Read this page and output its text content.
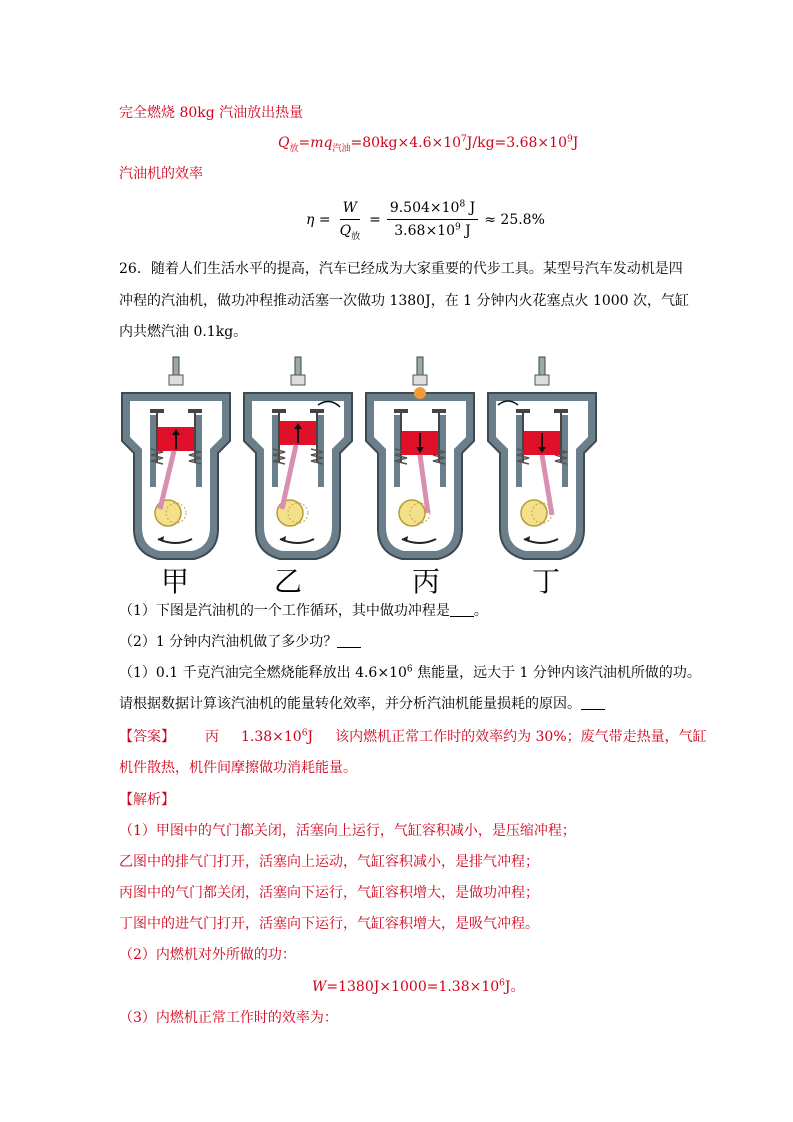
完全燃烧 80kg 汽油放出热量
$Q_放=mq_{汽油}=80kg\times 4.6\times 10^7J/kg=3.68\times 10^9J$
汽油机的效率
$\eta = \frac{W}{Q_放} = \frac{9.504\times 10^8 J}{3.68\times 10^9 J} \approx 25.8\%$
26．随着人们生活水平的提高，汽车已经成为大家重要的代步工具。某型号汽车发动机是四
冲程的汽油机，做功冲程推动活塞一次做功 1380J，在 1 分钟内火花塞点火 1000 次，气缸
内共燃汽油 0.1kg。
甲	乙	丙	丁
（1）下图是汽油机的一个工作循环，其中做功冲程是 。
（2）1 分钟内汽油机做了多少功？
（1）0.1 千克汽油完全燃烧能释放出 $4.6\times 10^6$ 焦能量，远大于 1 分钟内该汽油机所做的功。
请根据数据计算该汽油机的能量转化效率，并分析汽油机能量损耗的原因。
【答案】 丙 $1.38\times 10^6J$ 该内燃机正常工作时的效率约为 30%；废气带走热量，气缸
机件散热，机件间摩擦做功消耗能量。
【解析】
（1）甲图中的气门都关闭，活塞向上运行，气缸容积减小，是压缩冲程；
乙图中的排气门打开，活塞向上运动，气缸容积减小，是排气冲程；
丙图中的气门都关闭，活塞向下运行，气缸容积增大，是做功冲程；
丁图中的进气门打开，活塞向下运行，气缸容积增大，是吸气冲程。
（2）内燃机对外所做的功：
$W=1380J\times 1000=1.38\times 10^6J$。
（3）内燃机正常工作时的效率为：
